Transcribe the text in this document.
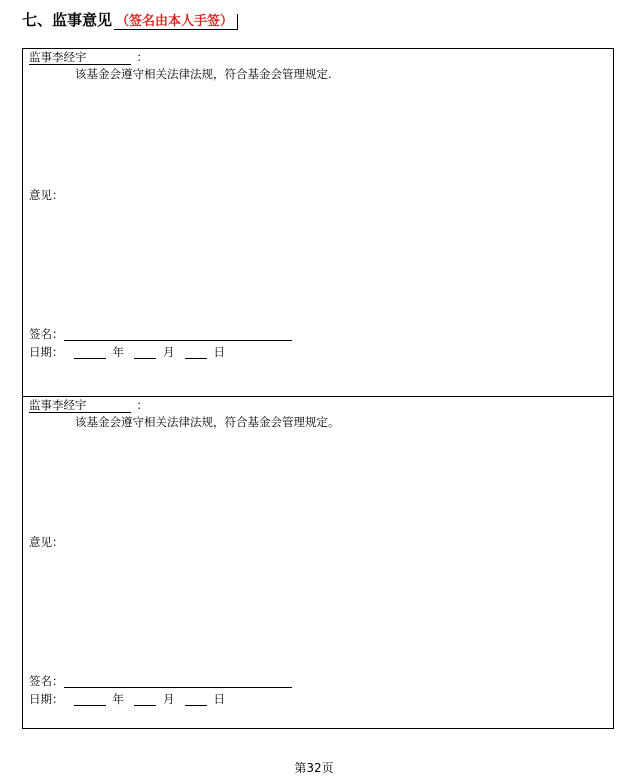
七、监事意见 （签名由本人手签）
监事李经宇	：
该基金会遵守相关法律法规，符合基金会管理规定.
意见：
签名：
日期：	年	月	日
监事李经宇	：
该基金会遵守相关法律法规，符合基金会管理规定。
意见：
签名：
日期：	年	月	日
第32页
